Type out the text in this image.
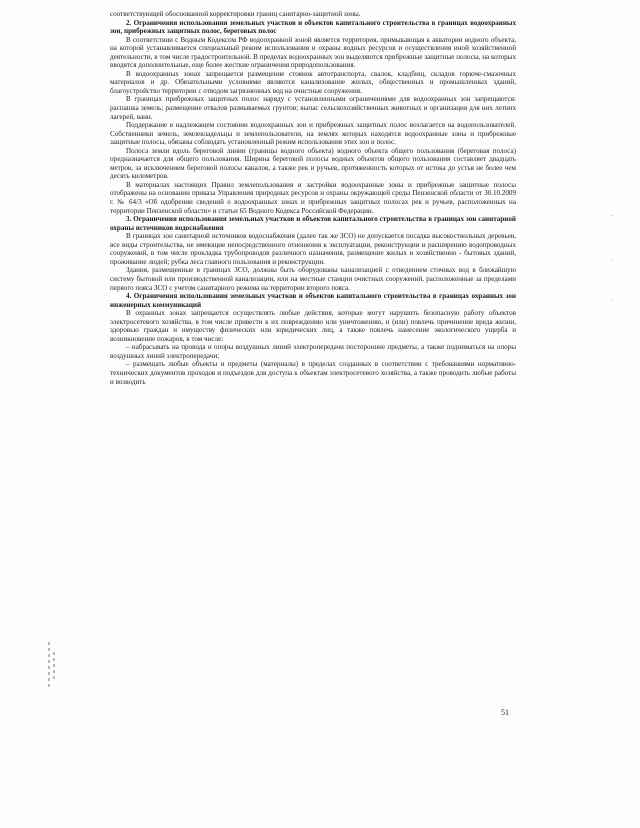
соответствующей обоснованной корректировки границ санитарно-защитной зоны.

2. Ограничения использования земельных участков и объектов капитального строительства в границах водоохранных зон, прибрежных защитных полос, береговых полос

В соответствии с Водным Кодексом РФ водоохранной зоной является территория, примыкающая к акватории водного объекта, на которой устанавливается специальный режим использования и охраны водных ресурсов и осуществления иной хозяйственной деятельности, в том числе градостроительной. В пределах водоохранных зон выделяются прибрежные защитные полосы, на которых вводятся дополнительные, еще более жесткие ограничения природопользования.

В водоохранных зонах запрещается размещение стоянок автотранспорта, свалок, кладбищ, складов горюче-смазочных материалов и др. Обязательными условиями являются канализование жилых, общественных и промышленных зданий, благоустройство территории с отводом загрязненных вод на очистные сооружения.

В границах прибрежных защитных полос наряду с установленными ограничениями для водоохранных зон запрещаются: распашка земель; размещение отвалов размываемых грунтов; выпас сельскохозяйственных животных и организация для них летних лагерей, ванн.

Поддержание в надлежащем состоянии водоохранных зон и прибрежных защитных полос возлагается на водопользователей. Собственники земель, землевладельцы и землепользователи, на землях которых находятся водоохранные зоны и прибрежные защитные полосы, обязаны соблюдать установленный режим использования этих зон и полос.

Полоса земли вдоль береговой линии (границы водного объекта) водного объекта общего пользования (береговая полоса) предназначается для общего пользования. Ширина береговой полосы водных объектов общего пользования составляет двадцать метров, за исключением береговой полосы каналов, а также рек и ручьев, протяженность которых от истока до устья не более чем десять километров.

В материалах настоящих Правил землепользования и застройки водоохранные зоны и прибрежные защитные полосы отображены на основании приказа Управления природных ресурсов и охраны окружающей среды Пензенской области от 30.10.2009 г. № 64/3 «Об одобрении сведений о водоохранных зонах и прибрежных защитных полосах рек и ручьев, расположенных на территории Пензенской области» и статьи 65 Водного Кодекса Российской Федерации.

3. Ограничения использования земельных участков и объектов капитального строительства в границах зон санитарной охраны источников водоснабжения

В границах зон санитарной источников водоснабжения (далее так же ЗСО) не допускается посадка высокоствольных деревьев, все виды строительства, не имеющие непосредственного отношения к эксплуатации, реконструкции и расширению водопроводных сооружений, в том числе прокладка трубопроводов различного назначения, размещение жилых и хозяйственно - бытовых зданий, проживание людей; рубка леса главного пользования и реконструкции.

Здания, размещенные в границах ЗСО, должны быть оборудованы канализацией с отведением сточных вод в ближайшую систему бытовой или производственной канализации, или на местные станции очистных сооружений, расположенные за пределами первого пояса ЗСО с учетом санитарного режима на территории второго пояса.

4. Ограничения использования земельных участков и объектов капитального строительства в границах охранных зон инженерных коммуникаций

В охранных зонах запрещается осуществлять любые действия, которые могут нарушить безопасную работу объектов электросетевого хозяйства, в том числе привести к их повреждению или уничтожению, и (или) повлечь причинение вреда жизни, здоровью граждан и имуществу физических или юридических лиц, а также повлечь нанесение экологического ущерба и возникновение пожаров, в том числе:

– набрасывать на провода и опоры воздушных линий электропередачи посторонние предметы, а также подниматься на опоры воздушных линий электропередачи;

– размещать любые объекты и предметы (материалы) в пределах созданных в соответствии с требованиями нормативно-технических документов проходов и подъездов для доступа к объектам электросетевого хозяйства, а также проводить любые работы и возводить

51
